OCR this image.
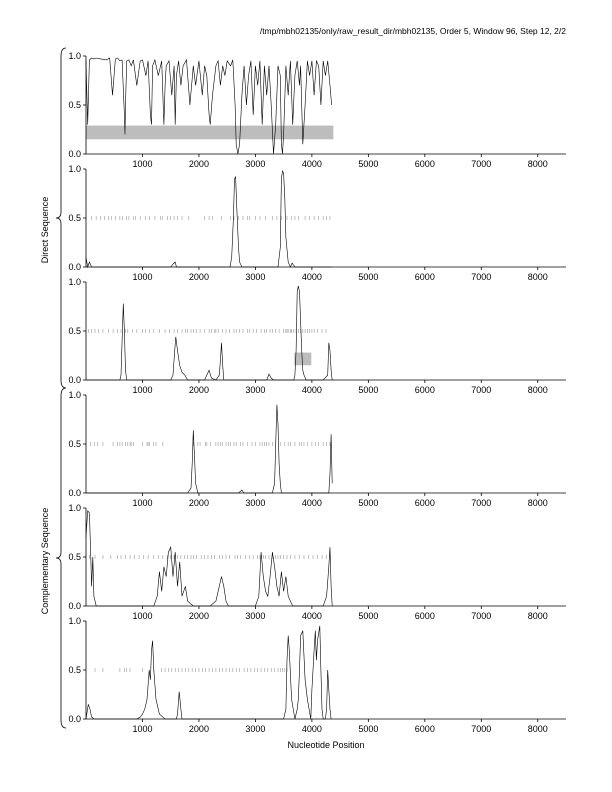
/tmp/mbh02135/only/raw_result_dir/mbh02135, Order 5, Window 96, Step 12, 2/2
0.0
0.5
1.0
1000	2000	3000	4000	5000	6000	7000	8000
0.0
0.5
1.0
1000	2000	3000	4000	5000	6000	7000	8000
0.0
0.5
1.0
1000	2000	3000	4000	5000	6000	7000	8000
0.0
0.5
1.0
1000	2000	3000	4000	5000	6000	7000	8000
0.0
0.5
1.0
1000	2000	3000	4000	5000	6000	7000	8000
0.0
0.5
1.0
1000	2000	3000	4000	5000	6000	7000	8000
Nucleotide Position
Direct Sequence
Complementary Sequence
